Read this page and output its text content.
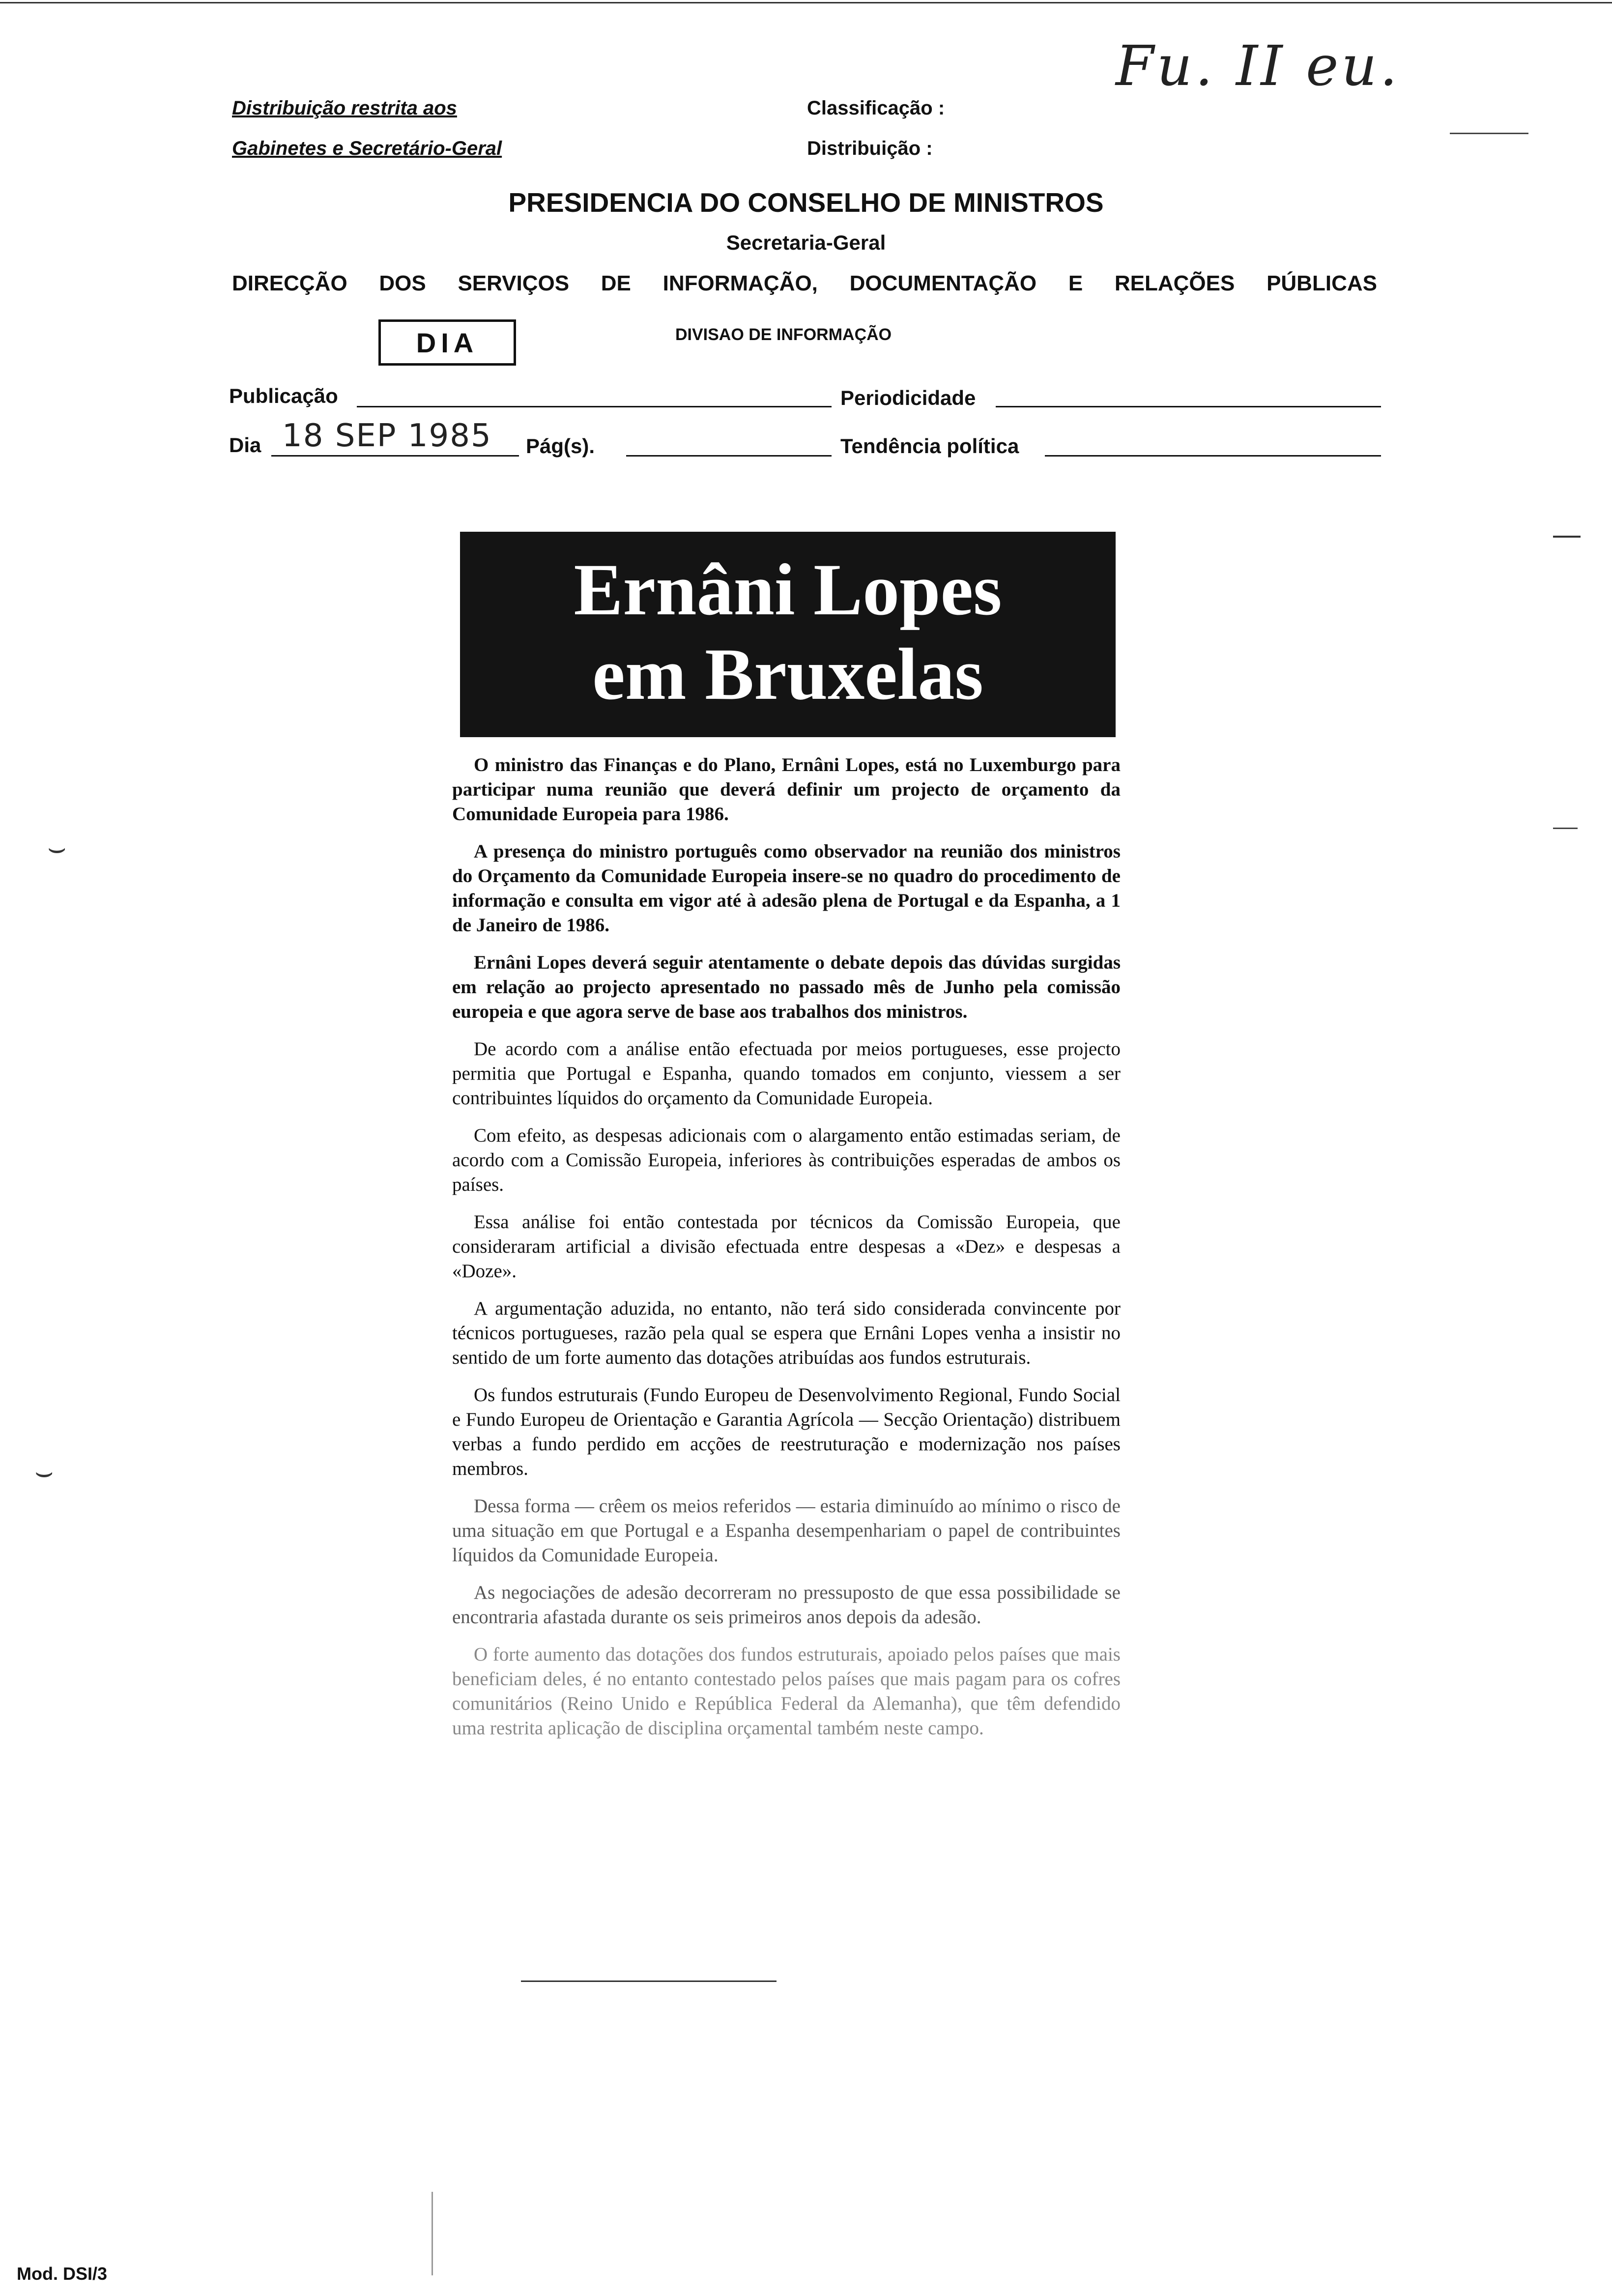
Distribuição restrita aos
Gabinetes e Secretário-Geral
Classificação :
Distribuição :
Fu. II eu.
PRESIDENCIA DO CONSELHO DE MINISTROS
Secretaria-Geral
DIRECÇÃO DOS SERVIÇOS DE INFORMAÇÃO, DOCUMENTAÇÃO E RELAÇÕES PÚBLICAS
DIA	DIVISAO DE INFORMAÇÃO
Publicação	Periodicidade
Dia 18 SEP 1985 Pág(s).	Tendência política
Ernâni Lopes
em Bruxelas

O ministro das Finanças e do Plano, Ernâni Lopes, está no Luxemburgo para participar numa reunião que deverá definir um projecto de orçamento da Comunidade Europeia para 1986.

A presença do ministro português como observador na reunião dos ministros do Orçamento da Comunidade Europeia insere-se no quadro do procedimento de informação e consulta em vigor até à adesão plena de Portugal e da Espanha, a 1 de Janeiro de 1986.

Ernâni Lopes deverá seguir atentamente o debate depois das dúvidas surgidas em relação ao projecto apresentado no passado mês de Junho pela comissão europeia e que agora serve de base aos trabalhos dos ministros.

De acordo com a análise então efectuada por meios portugueses, esse projecto permitia que Portugal e Espanha, quando tomados em conjunto, viessem a ser contribuintes líquidos do orçamento da Comunidade Europeia.

Com efeito, as despesas adicionais com o alargamento então estimadas seriam, de acordo com a Comissão Europeia, inferiores às contribuições esperadas de ambos os países.

Essa análise foi então contestada por técnicos da Comissão Europeia, que consideraram artificial a divisão efectuada entre despesas a «Dez» e despesas a «Doze».

A argumentação aduzida, no entanto, não terá sido considerada convincente por técnicos portugueses, razão pela qual se espera que Ernâni Lopes venha a insistir no sentido de um forte aumento das dotações atribuídas aos fundos estruturais.

Os fundos estruturais (Fundo Europeu de Desenvolvimento Regional, Fundo Social e Fundo Europeu de Orientação e Garantia Agrícola — Secção Orientação) distribuem verbas a fundo perdido em acções de reestruturação e modernização nos países membros.

Dessa forma — crêem os meios referidos — estaria diminuído ao mínimo o risco de uma situação em que Portugal e a Espanha desempenhariam o papel de contribuintes líquidos da Comunidade Europeia.

As negociações de adesão decorreram no pressuposto de que essa possibilidade se encontraria afastada durante os seis primeiros anos depois da adesão.

O forte aumento das dotações dos fundos estruturais, apoiado pelos países que mais beneficiam deles, é no entanto contestado pelos países que mais pagam para os cofres comunitários (Reino Unido e República Federal da Alemanha), que têm defendido uma restrita aplicação de disciplina orçamental também neste campo.

⌣
⌣
Mod. DSI/3
